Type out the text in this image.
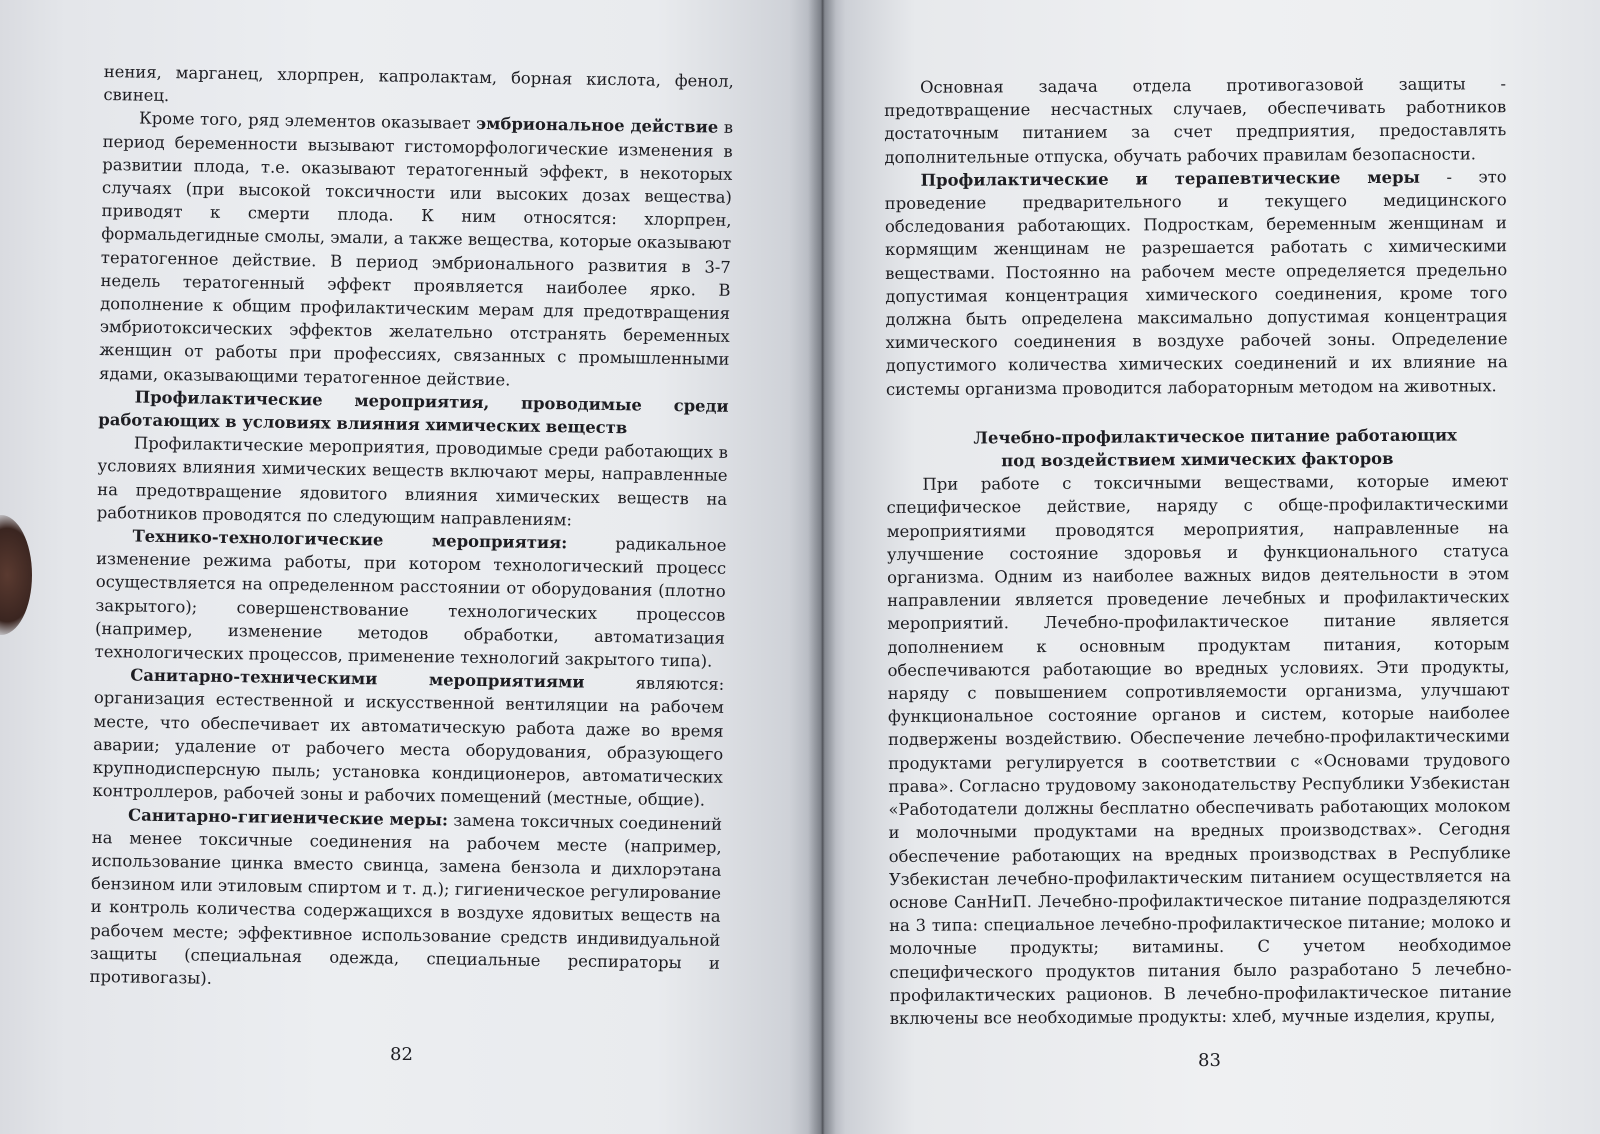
нения, марганец, хлорпрен, капролактам, борная кислота, фенол, свинец.

Кроме того, ряд элементов оказывает эмбриональное действие в период беременности вызывают гистоморфологические изменения в развитии плода, т.е. оказывают тератогенный эффект, в некоторых случаях (при высокой токсичности или высоких дозах вещества) приводят к смерти плода. К ним относятся: хлорпрен, формальдегидные смолы, эмали, а также вещества, которые оказывают тератогенное действие. В период эмбрионального развития в 3-7 недель тератогенный эффект проявляется наиболее ярко. В дополнение к общим профилактическим мерам для предотвращения эмбриотоксических эффектов желательно отстранять беременных женщин от работы при профессиях, связанных с промышленными ядами, оказывающими тератогенное действие.

Профилактические мероприятия, проводимые среди работающих в условиях влияния химических веществ

Профилактические мероприятия, проводимые среди работающих в условиях влияния химических веществ включают меры, направленные на предотвращение ядовитого влияния химических веществ на работников проводятся по следующим направлениям:

Технико-технологические мероприятия: радикальное изменение режима работы, при котором технологический процесс осуществляется на определенном расстоянии от оборудования (плотно закрытого); совершенствование технологических процессов (например, изменение методов обработки, автоматизация технологических процессов, применение технологий закрытого типа).

Санитарно-техническими мероприятиями являются: организация естественной и искусственной вентиляции на рабочем месте, что обеспечивает их автоматическую работа даже во время аварии; удаление от рабочего места оборудования, образующего крупнодисперсную пыль; установка кондиционеров, автоматических контроллеров, рабочей зоны и рабочих помещений (местные, общие).

Санитарно-гигиенические меры: замена токсичных соединений на менее токсичные соединения на рабочем месте (например, использование цинка вместо свинца, замена бензола и дихлорэтана бензином или этиловым спиртом и т. д.); гигиеническое регулирование и контроль количества содержащихся в воздухе ядовитых веществ на рабочем месте; эффективное использование средств индивидуальной защиты (специальная одежда, специальные респираторы и противогазы).

82

Основная задача отдела противогазовой защиты - предотвращение несчастных случаев, обеспечивать работников достаточным питанием за счет предприятия, предоставлять дополнительные отпуска, обучать рабочих правилам безопасности.

Профилактические и терапевтические меры - это проведение предварительного и текущего медицинского обследования работающих. Подросткам, беременным женщинам и кормящим женщинам не разрешается работать с химическими веществами. Постоянно на рабочем месте определяется предельно допустимая концентрация химического соединения, кроме того должна быть определена максимально допустимая концентрация химического соединения в воздухе рабочей зоны. Определение допустимого количества химических соединений и их влияние на системы организма проводится лабораторным методом на животных.

Лечебно-профилактическое питание работающих
под воздействием химических факторов

При работе с токсичными веществами, которые имеют специфическое действие, наряду с обще-профилактическими мероприятиями проводятся мероприятия, направленные на улучшение состояние здоровья и функционального статуса организма. Одним из наиболее важных видов деятельности в этом направлении является проведение лечебных и профилактических мероприятий. Лечебно-профилактическое питание является дополнением к основным продуктам питания, которым обеспечиваются работающие во вредных условиях. Эти продукты, наряду с повышением сопротивляемости организма, улучшают функциональное состояние органов и систем, которые наиболее подвержены воздействию. Обеспечение лечебно-профилактическими продуктами регулируется в соответствии с «Основами трудового права». Согласно трудовому законодательству Республики Узбекистан «Работодатели должны бесплатно обеспечивать работающих молоком и молочными продуктами на вредных производствах». Сегодня обеспечение работающих на вредных производствах в Республике Узбекистан лечебно-профилактическим питанием осуществляется на основе СанНиП. Лечебно-профилактическое питание подразделяются на 3 типа: специальное лечебно-профилактическое питание; молоко и молочные продукты; витамины. С учетом необходимое специфического продуктов питания было разработано 5 лечебно-профилактических рационов. В лечебно-профилактическое питание включены все необходимые продукты: хлеб, мучные изделия, крупы,

83
